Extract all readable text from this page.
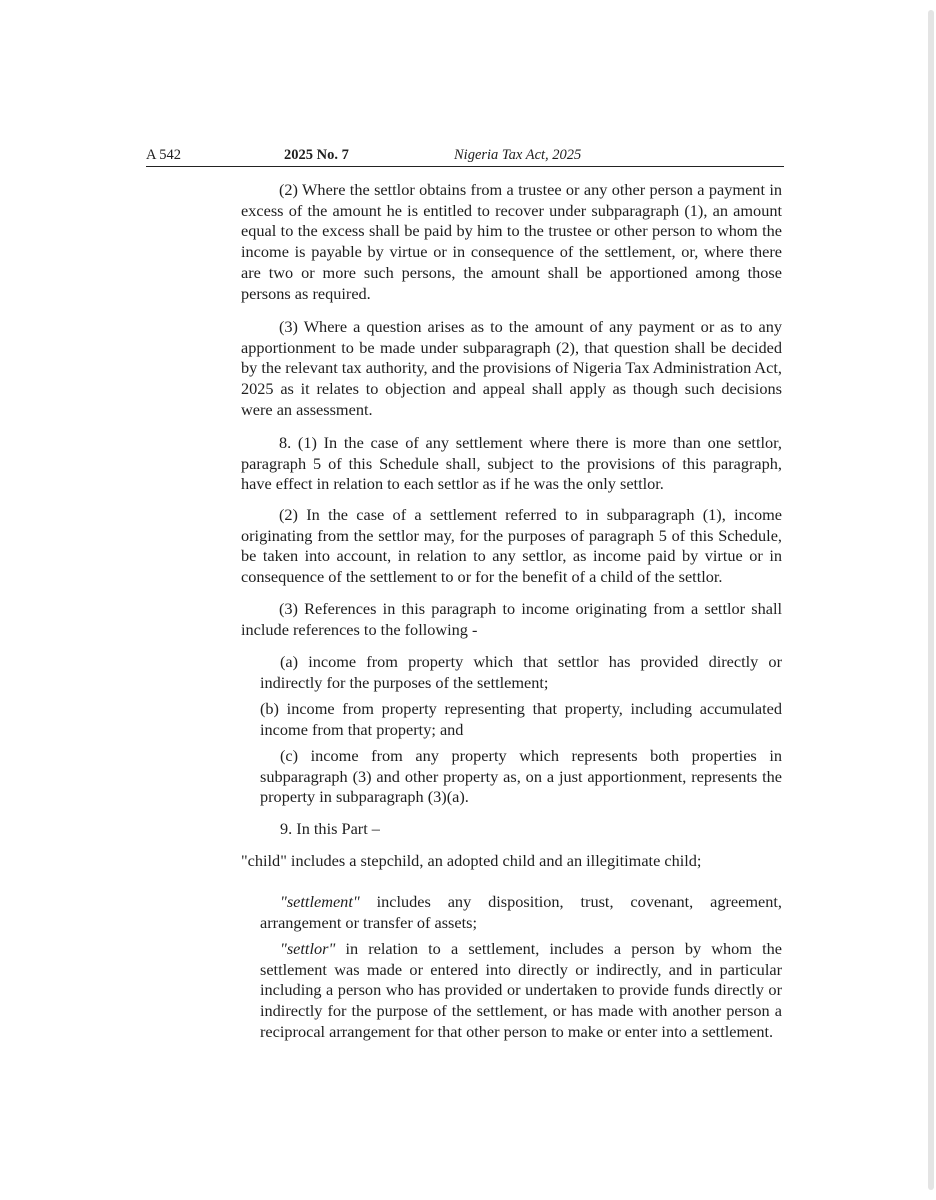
A 542	2025 No. 7	Nigeria Tax Act, 2025

(2) Where the settlor obtains from a trustee or any other person a payment in excess of the amount he is entitled to recover under subparagraph (1), an amount equal to the excess shall be paid by him to the trustee or other person to whom the income is payable by virtue or in consequence of the settlement, or, where there are two or more such persons, the amount shall be apportioned among those persons as required.

(3) Where a question arises as to the amount of any payment or as to any apportionment to be made under subparagraph (2), that question shall be decided by the relevant tax authority, and the provisions of Nigeria Tax Administration Act, 2025 as it relates to objection and appeal shall apply as though such decisions were an assessment.

8. (1) In the case of any settlement where there is more than one settlor, paragraph 5 of this Schedule shall, subject to the provisions of this paragraph, have effect in relation to each settlor as if he was the only settlor.

(2) In the case of a settlement referred to in subparagraph (1), income originating from the settlor may, for the purposes of paragraph 5 of this Schedule, be taken into account, in relation to any settlor, as income paid by virtue or in consequence of the settlement to or for the benefit of a child of the settlor.

(3) References in this paragraph to income originating from a settlor shall include references to the following -

(a) income from property which that settlor has provided directly or indirectly for the purposes of the settlement;

(b) income from property representing that property, including accumulated income from that property; and

(c) income from any property which represents both properties in subparagraph (3) and other property as, on a just apportionment, represents the property in subparagraph (3)(a).

9. In this Part –

"child" includes a stepchild, an adopted child and an illegitimate child;

"settlement" includes any disposition, trust, covenant, agreement, arrangement or transfer of assets;

"settlor" in relation to a settlement, includes a person by whom the settlement was made or entered into directly or indirectly, and in particular including a person who has provided or undertaken to provide funds directly or indirectly for the purpose of the settlement, or has made with another person a reciprocal arrangement for that other person to make or enter into a settlement.
